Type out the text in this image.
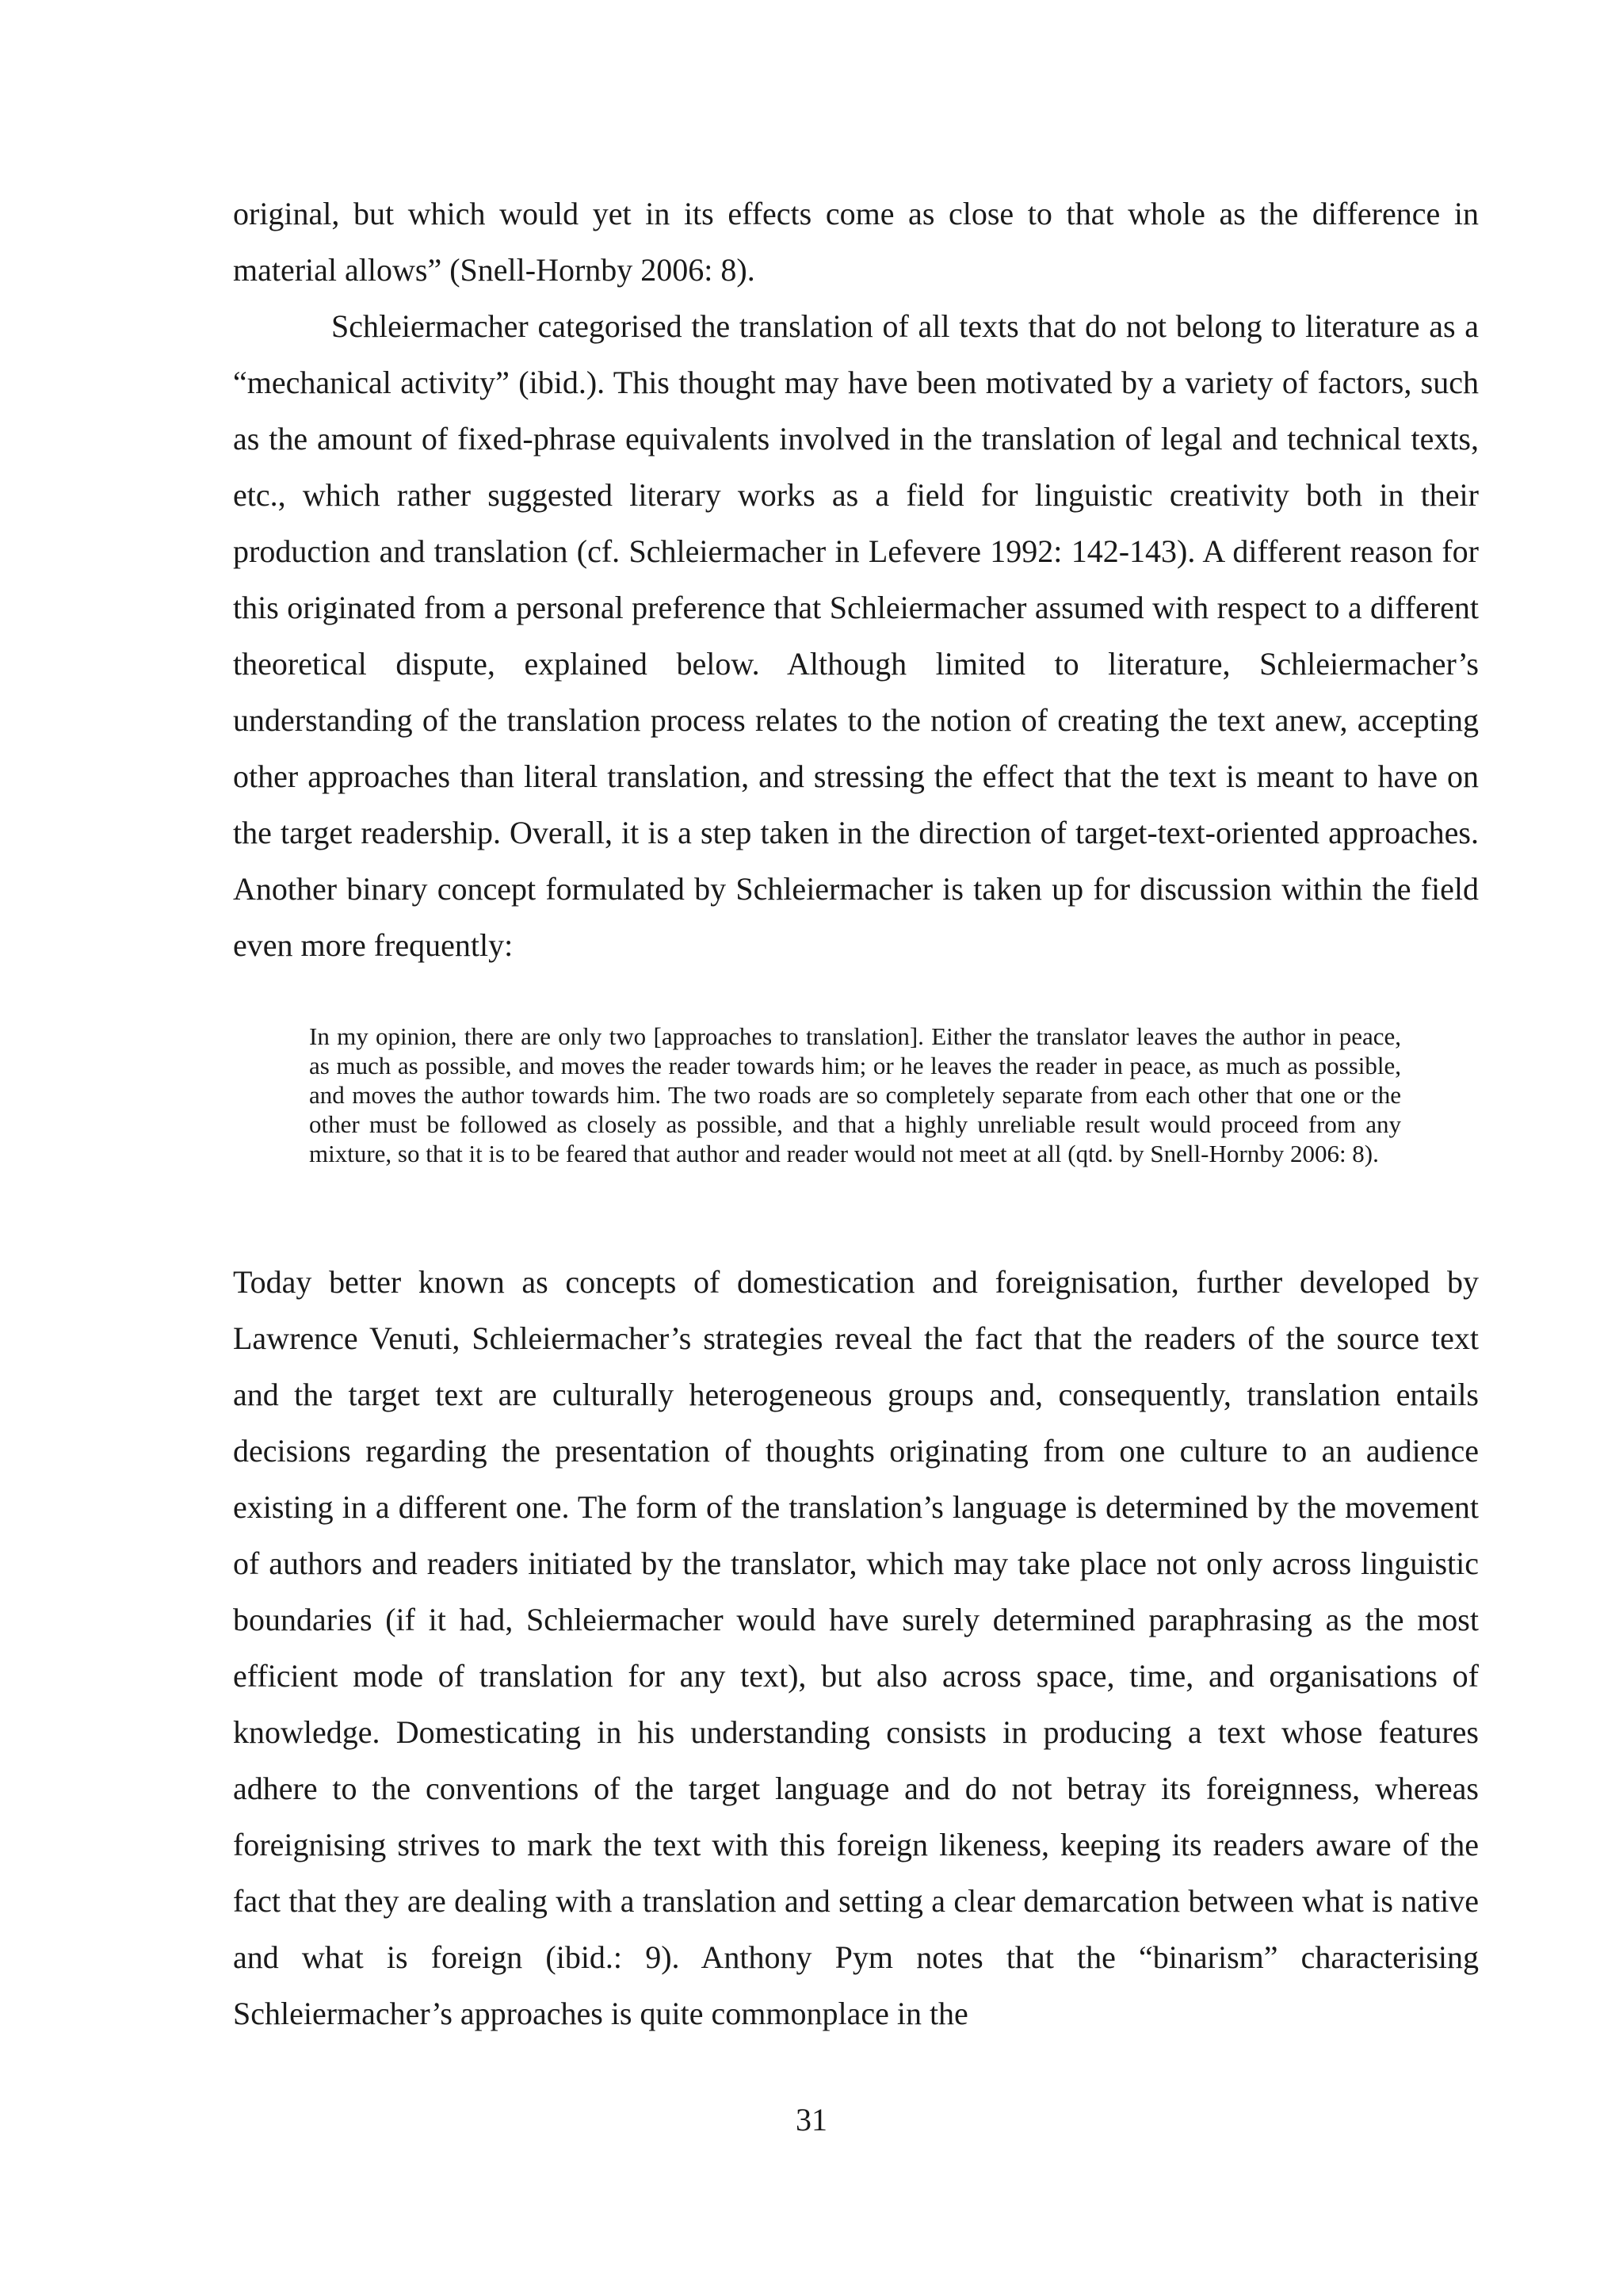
original, but which would yet in its effects come as close to that whole as the difference in material allows” (Snell-Hornby 2006: 8).

Schleiermacher categorised the translation of all texts that do not belong to literature as a “mechanical activity” (ibid.). This thought may have been motivated by a variety of factors, such as the amount of fixed-phrase equivalents involved in the translation of legal and technical texts, etc., which rather suggested literary works as a field for linguistic creativity both in their production and translation (cf. Schleiermacher in Lefevere 1992: 142-143). A different reason for this originated from a personal preference that Schleiermacher assumed with respect to a different theoretical dispute, explained below. Although limited to literature, Schleiermacher’s understanding of the translation process relates to the notion of creating the text anew, accepting other approaches than literal translation, and stressing the effect that the text is meant to have on the target readership. Overall, it is a step taken in the direction of target-text-oriented approaches. Another binary concept formulated by Schleiermacher is taken up for discussion within the field even more frequently:

In my opinion, there are only two [approaches to translation]. Either the translator leaves the author in peace, as much as possible, and moves the reader towards him; or he leaves the reader in peace, as much as possible, and moves the author towards him. The two roads are so completely separate from each other that one or the other must be followed as closely as possible, and that a highly unreliable result would proceed from any mixture, so that it is to be feared that author and reader would not meet at all (qtd. by Snell-Hornby 2006: 8).

Today better known as concepts of domestication and foreignisation, further developed by Lawrence Venuti, Schleiermacher’s strategies reveal the fact that the readers of the source text and the target text are culturally heterogeneous groups and, consequently, translation entails decisions regarding the presentation of thoughts originating from one culture to an audience existing in a different one. The form of the translation’s language is determined by the movement of authors and readers initiated by the translator, which may take place not only across linguistic boundaries (if it had, Schleiermacher would have surely determined paraphrasing as the most efficient mode of translation for any text), but also across space, time, and organisations of knowledge. Domesticating in his understanding consists in producing a text whose features adhere to the conventions of the target language and do not betray its foreignness, whereas foreignising strives to mark the text with this foreign likeness, keeping its readers aware of the fact that they are dealing with a translation and setting a clear demarcation between what is native and what is foreign (ibid.: 9). Anthony Pym notes that the “binarism” characterising Schleiermacher’s approaches is quite commonplace in the

31
